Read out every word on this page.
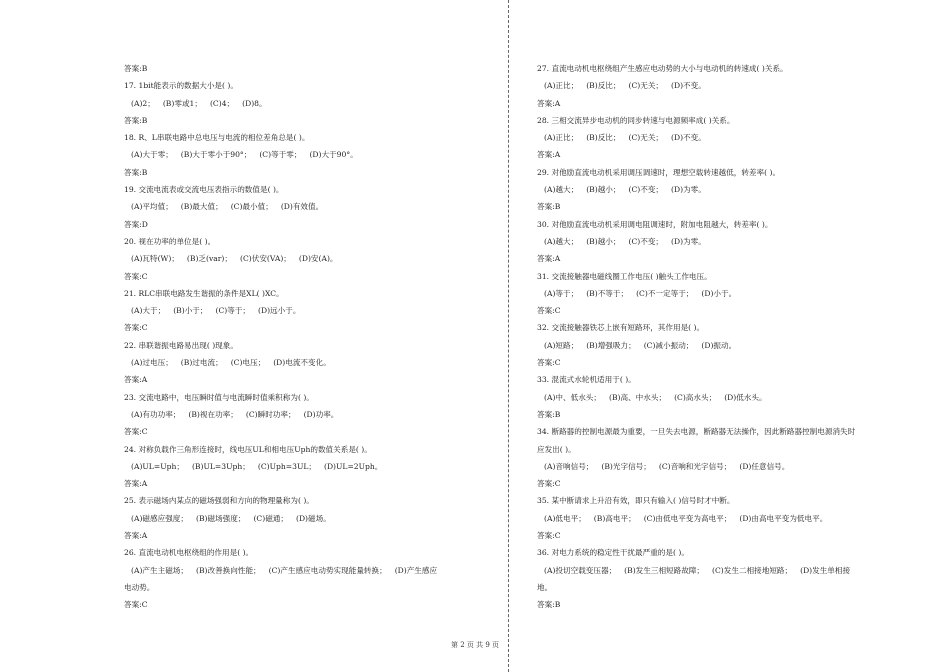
答案:B
17. 1bit能表示的数据大小是( )。
(A)2； (B)零或1； (C)4； (D)8。
答案:B
18. R、L串联电路中总电压与电流的相位差角总是( )。
(A)大于零； (B)大于零小于90°； (C)等于零； (D)大于90°。
答案:B
19. 交流电流表或交流电压表指示的数值是( )。
(A)平均值； (B)最大值； (C)最小值； (D)有效值。
答案:D
20. 视在功率的单位是( )。
(A)瓦特(W)； (B)乏(var)； (C)伏安(VA)； (D)安(A)。
答案:C
21. RLC串联电路发生谐振的条件是XL( )XC。
(A)大于； (B)小于； (C)等于； (D)远小于。
答案:C
22. 串联谐振电路易出现( )现象。
(A)过电压； (B)过电流； (C)电压； (D)电流不变化。
答案:A
23. 交流电路中，电压瞬时值与电流瞬时值乘积称为( )。
(A)有功功率； (B)视在功率； (C)瞬时功率； (D)功率。
答案:C
24. 对称负载作三角形连接时，线电压UL和相电压Uph的数值关系是( )。
(A)UL=Uph； (B)UL=3Uph； (C)Uph=3UL； (D)UL=2Uph。
答案:A
25. 表示磁场内某点的磁场强弱和方向的物理量称为( )。
(A)磁感应强度； (B)磁场强度； (C)磁通； (D)磁场。
答案:A
26. 直流电动机电枢绕组的作用是( )。
(A)产生主磁场； (B)改善换向性能； (C)产生感应电动势实现能量转换； (D)产生感应
电动势。
答案:C
27. 直流电动机电枢绕组产生感应电动势的大小与电动机的转速成( )关系。
(A)正比； (B)反比； (C)无关； (D)不变。
答案:A
28. 三相交流异步电动机的同步转速与电源频率成( )关系。
(A)正比； (B)反比； (C)无关； (D)不变。
答案:A
29. 对他励直流电动机采用调压调速时，理想空载转速越低，转差率( )。
(A)越大； (B)越小； (C)不变； (D)为零。
答案:B
30. 对他励直流电动机采用调电阻调速时，附加电阻越大，转差率( )。
(A)越大； (B)越小； (C)不变； (D)为零。
答案:A
31. 交流接触器电磁线圈工作电压( )触头工作电压。
(A)等于； (B)不等于； (C)不一定等于； (D)小于。
答案:C
32. 交流接触器铁芯上嵌有短路环，其作用是( )。
(A)短路； (B)增强吸力； (C)减小振动； (D)振动。
答案:C
33. 混流式水轮机适用于( )。
(A)中、低水头； (B)高、中水头； (C)高水头； (D)低水头。
答案:B
34. 断路器的控制电源最为重要，一旦失去电源，断路器无法操作，因此断路器控制电源消失时
应发出( )。
(A)音响信号； (B)光字信号； (C)音响和光字信号； (D)任意信号。
答案:C
35. 某中断请求上升沿有效，即只有输入( )信号时才中断。
(A)低电平； (B)高电平； (C)由低电平变为高电平； (D)由高电平变为低电平。
答案:C
36. 对电力系统的稳定性干扰最严重的是( )。
(A)投切空载变压器； (B)发生三相短路故障； (C)发生二相接地短路； (D)发生单相接
地。
答案:B
第 2 页 共 9 页
